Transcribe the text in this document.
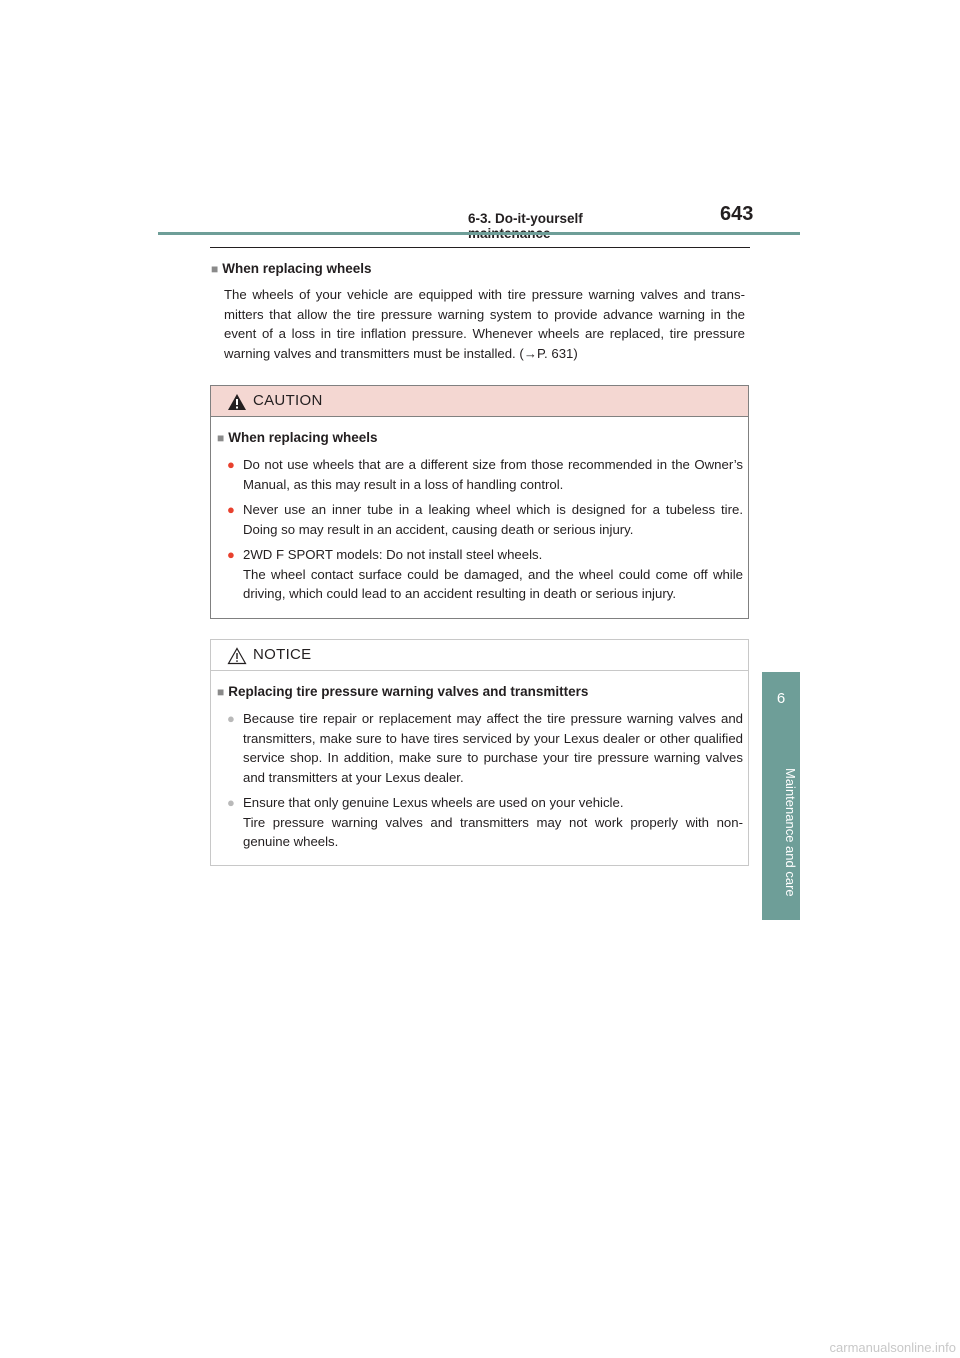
6-3. Do-it-yourself	643
6
Maintenance and care
■ When replacing wheels
The wheels of your vehicle are equipped with tire pressure warning valves and trans-mitters that allow the tire pressure warning system to provide advance warning in the event of a loss in tire inflation pressure. Whenever wheels are replaced, tire pressure warning valves and transmitters must be installed. (→P. 631)
CAUTION
■ When replacing wheels
● Do not use wheels that are a different size from those recommended in the Owner’s Manual, as this may result in a loss of handling control.
● Never use an inner tube in a leaking wheel which is designed for a tubeless tire. Doing so may result in an accident, causing death or serious injury.
● 2WD F SPORT models: Do not install steel wheels.
The wheel contact surface could be damaged, and the wheel could come off while driving, which could lead to an accident resulting in death or serious injury.
NOTICE
■ Replacing tire pressure warning valves and transmitters
● Because tire repair or replacement may affect the tire pressure warning valves and transmitters, make sure to have tires serviced by your Lexus dealer or other qualified service shop. In addition, make sure to purchase your tire pressure warning valves and transmitters at your Lexus dealer.
● Ensure that only genuine Lexus wheels are used on your vehicle.
Tire pressure warning valves and transmitters may not work properly with non-genuine wheels.
carmanualsonline.info
